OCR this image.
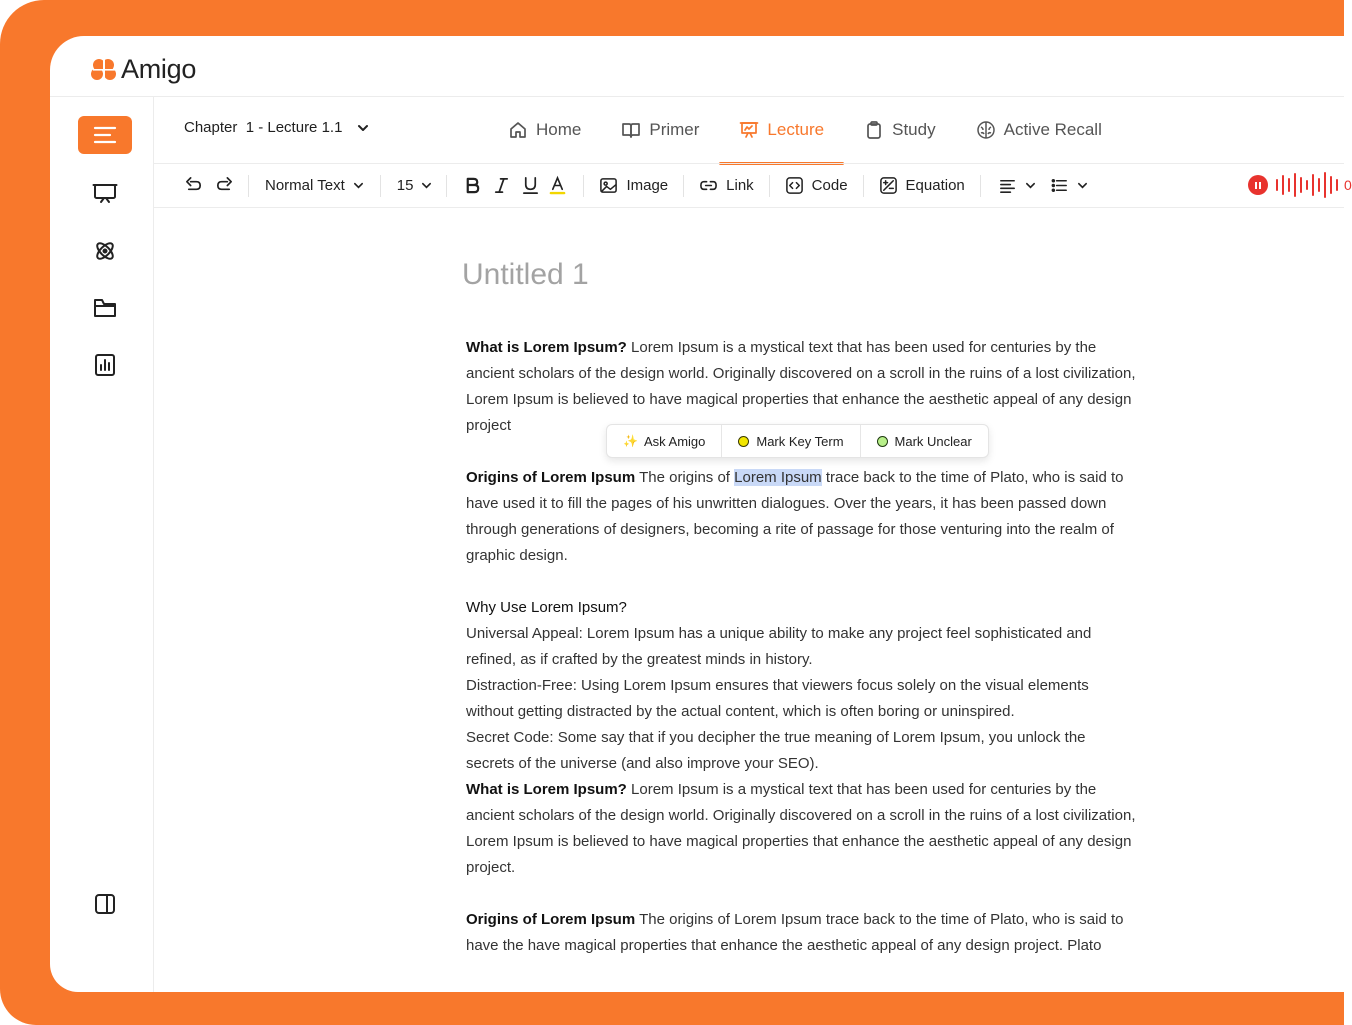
Amigo
Chapter  1 - Lecture 1.1	Home	Primer	Lecture	Study	Active Recall
Normal Text	15	Image	Link	Code	Equation	0
Untitled 1

What is Lorem Ipsum? Lorem Ipsum is a mystical text that has been used for centuries by the ancient scholars of the design world. Originally discovered on a scroll in the ruins of a lost civilization, Lorem Ipsum is believed to have magical properties that enhance the aesthetic appeal of any design project

Origins of Lorem Ipsum The origins of Lorem Ipsum trace back to the time of Plato, who is said to have used it to fill the pages of his unwritten dialogues. Over the years, it has been passed down through generations of designers, becoming a rite of passage for those venturing into the realm of graphic design.

Why Use Lorem Ipsum?

Universal Appeal: Lorem Ipsum has a unique ability to make any project feel sophisticated and refined, as if crafted by the greatest minds in history.

Distraction-Free: Using Lorem Ipsum ensures that viewers focus solely on the visual elements without getting distracted by the actual content, which is often boring or uninspired.

Secret Code: Some say that if you decipher the true meaning of Lorem Ipsum, you unlock the secrets of the universe (and also improve your SEO).

What is Lorem Ipsum? Lorem Ipsum is a mystical text that has been used for centuries by the ancient scholars of the design world. Originally discovered on a scroll in the ruins of a lost civilization, Lorem Ipsum is believed to have magical properties that enhance the aesthetic appeal of any design project.

Origins of Lorem Ipsum The origins of Lorem Ipsum trace back to the time of Plato, who is said to have the have magical properties that enhance the aesthetic appeal of any design project. Plato

✨ Ask Amigo	Mark Key Term	Mark Unclear
